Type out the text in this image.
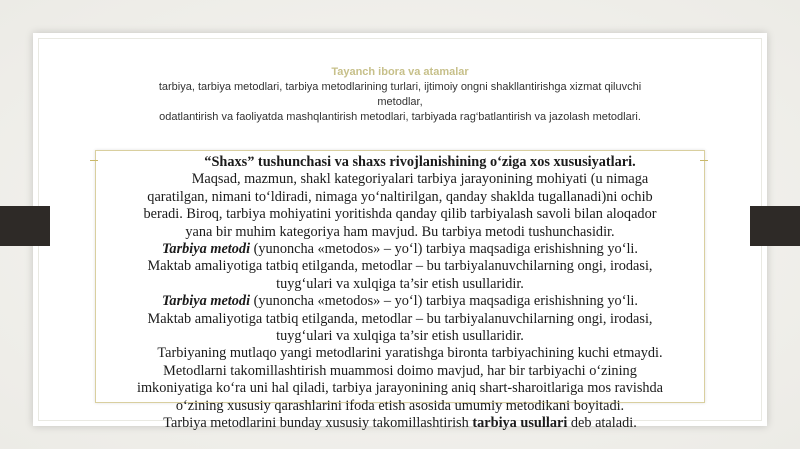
Tayanch ibora va atamalar
tarbiya, tarbiya metodlari, tarbiya metodlarining turlari, ijtimoiy ongni shakllantirishga xizmat qiluvchi
metodlar,
odatlantirish va faoliyatda mashqlantirish metodlari, tarbiyada rag‘batlantirish va jazolash metodlari.
“Shaxs” tushunchasi va shaxs rivojlanishining o‘ziga xos xususiyatlari.
Maqsad, mazmun, shakl kategoriyalari tarbiya jarayonining mohiyati (u nimaga
qaratilgan, nimani to‘ldiradi, nimaga yo‘naltirilgan, qanday shaklda tugallanadi)ni ochib
beradi. Biroq, tarbiya mohiyatini yoritishda qanday qilib tarbiyalash savoli bilan aloqador
yana bir muhim kategoriya ham mavjud. Bu tarbiya metodi tushunchasidir.
Tarbiya metodi (yunoncha «metodos» – yo‘l) tarbiya maqsadiga erishishning yo‘li.
Maktab amaliyotiga tatbiq etilganda, metodlar – bu tarbiyalanuvchilarning ongi, irodasi,
tuyg‘ulari va xulqiga ta’sir etish usullaridir.
Tarbiya metodi (yunoncha «metodos» – yo‘l) tarbiya maqsadiga erishishning yo‘li.
Maktab amaliyotiga tatbiq etilganda, metodlar – bu tarbiyalanuvchilarning ongi, irodasi,
tuyg‘ulari va xulqiga ta’sir etish usullaridir.
Tarbiyaning mutlaqo yangi metodlarini yaratishga bironta tarbiyachining kuchi etmaydi.
Metodlarni takomillashtirish muammosi doimo mavjud, har bir tarbiyachi o‘zining
imkoniyatiga ko‘ra uni hal qiladi, tarbiya jarayonining aniq shart-sharoitlariga mos ravishda
o‘zining xususiy qarashlarini ifoda etish asosida umumiy metodikani boyitadi.
Tarbiya metodlarini bunday xususiy takomillashtirish tarbiya usullari deb ataladi.
